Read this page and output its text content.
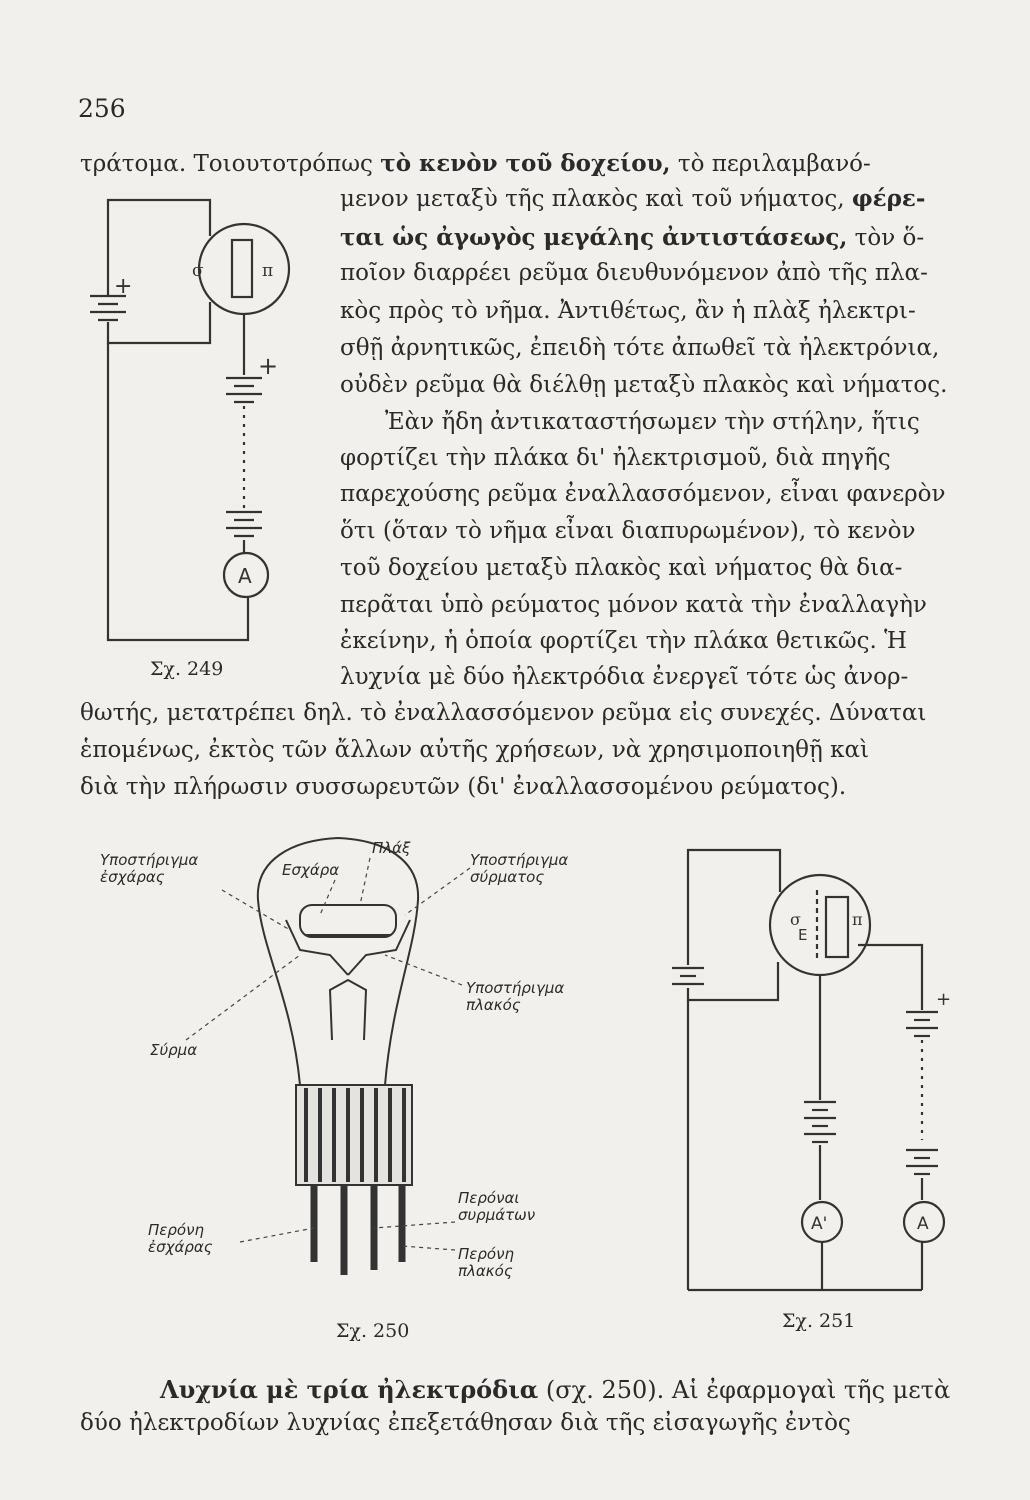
256
τράτομα. Τοιουτοτρόπως τὸ κενὸν τοῦ δοχείου, τὸ περιλαμβανό-
μενον μεταξὺ τῆς πλακὸς καὶ τοῦ νήματος, φέρε-
ται ὡς ἀγωγὸς μεγάλης ἀντιστάσεως, τὸν ὅ-
ποῖον διαρρέει ρεῦμα διευθυνόμενον ἀπὸ τῆς πλα-
κὸς πρὸς τὸ νῆμα. Ἀντιθέτως, ἂν ἡ πλὰξ ἠλεκτρι-
σθῇ ἀρνητικῶς, ἐπειδὴ τότε ἀπωθεῖ τὰ ἠλεκτρόνια,
οὐδὲν ρεῦμα θὰ διέλθῃ μεταξὺ πλακὸς καὶ νήματος.
Ἐὰν ἤδη ἀντικαταστήσωμεν τὴν στήλην, ἥτις
φορτίζει τὴν πλάκα δι' ἠλεκτρισμοῦ, διὰ πηγῆς
παρεχούσης ρεῦμα ἐναλλασσόμενον, εἶναι φανερὸν
ὅτι (ὅταν τὸ νῆμα εἶναι διαπυρωμένον), τὸ κενὸν
τοῦ δοχείου μεταξὺ πλακὸς καὶ νήματος θὰ δια-
περᾶται ὑπὸ ρεύματος μόνον κατὰ τὴν ἐναλλαγὴν
ἐκείνην, ἡ ὁποία φορτίζει τὴν πλάκα θετικῶς. Ἡ
λυχνία μὲ δύο ἠλεκτρόδια ἐνεργεῖ τότε ὡς ἀνορ-
θωτής, μετατρέπει δηλ. τὸ ἐναλλασσόμενον ρεῦμα εἰς συνεχές. Δύναται
ἑπομένως, ἐκτὸς τῶν ἄλλων αὐτῆς χρήσεων, νὰ χρησιμοποιηθῇ καὶ
διὰ τὴν πλήρωσιν συσσωρευτῶν (δι' ἐναλλασσομένου ρεύματος).
Λυχνία μὲ τρία ἠλεκτρόδια (σχ. 250). Αἱ ἐφαρμογαὶ τῆς μετὰ
δύο ἠλεκτροδίων λυχνίας ἐπεξετάθησαν διὰ τῆς εἰσαγωγῆς ἐντὸς
Σχ. 249
Σχ. 250	Σχ. 251
σ	π
+
+
A
Υποστήριγμα ἐσχάρας	Εσχάρα
Πλάξ
Υποστήριγμα σύρματος
Υποστήριγμα πλακός
Σύρμα
Περόνη ἐσχάρας
Περόναι συρμάτων
Περόνη πλακός
σ
E
π
+
A'	A
